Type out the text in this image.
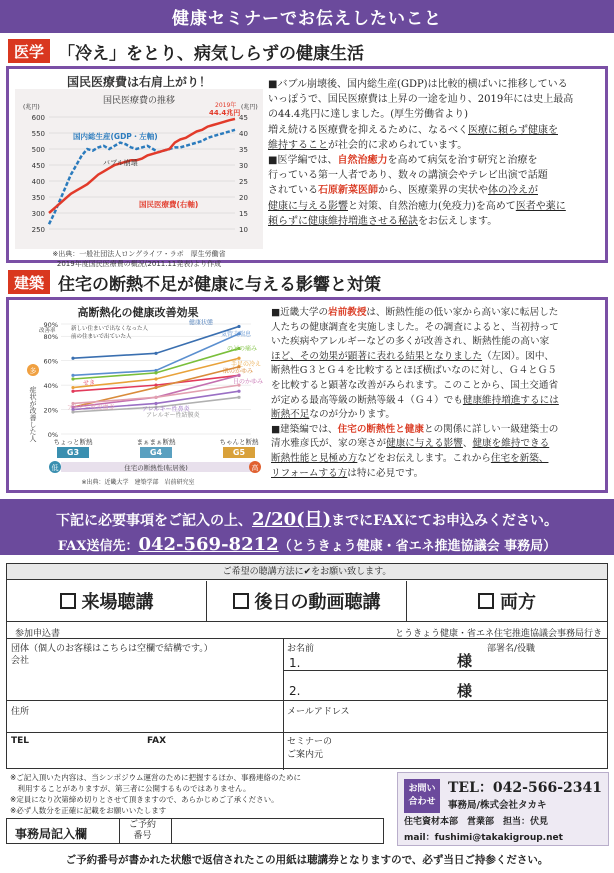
健康セミナーでお伝えしたいこと
医学 「冷え」をとり、病気しらずの健康生活
国民医療費は右肩上がり！
国民医療費の推移
(兆円)	(兆円)
600
550
500
450
400
350
300
250
45
40
35
30
25
20
15
10
国内総生産(GDP・左軸)
国民医療費(右軸)
バブル崩壊
2019年
44.4兆円
※出典：一般社団法人ロングライフ・ラボ　厚生労働省
2019年度国民医療費の概況(2011.11発表)より作成
■バブル崩壊後、国内総生産(GDP)は比較的横ばいに推移している
いっぽうで、国民医療費は上昇の一途を辿り、2019年には史上最高
の44.4兆円に達しました。(厚生労働省より)
増え続ける医療費を抑えるために、なるべく医療に頼らず健康を
維持することが社会的に求められています。
■医学編では、自然治癒力を高めて病気を治す研究と治療を
行っている第一人者であり、数々の講演会やテレビ出演で話題
されている石原新菜医師から、医療業界の実状や体の冷えが
健康に与える影響と対策、自然治癒力(免疫力)を高めて医者や薬に
頼らずに健康維持増進させる秘訣をお伝えします。
建築 住宅の断熱不足が健康に与える影響と対策
高断熱化の健康改善効果
90%
80%
60%
40%
20%
0%
健康状態
気管支喘息
のどの痛み
手足の冷え
せき
肌のかゆみ
目のかゆみ
アトピー性皮膚炎	アレルギー性鼻炎
アレルギー性結膜炎
改善率	新しい住まいで出なくなった人
前の住まいで出ていた人
症状が改善した人
多
ちょっと断熱	まぁまぁ断熱	ちゃんと断熱
G3	G4	G5
住宅の断熱性(転居後)
低	高
※出典：近畿大学　建築学部　岩前研究室
■近畿大学の岩前教授は、断熱性能の低い家から高い家に転居した
人たちの健康調査を実施しました。その調査によると、当初持って
いた疾病やアレルギーなどの多くが改善され、断熱性能の高い家
ほど、その効果が顕著に表れる結果となりました（左図）。図中、
断熱性G３とＧ４を比較するとほぼ横ばいなのに対し、Ｇ４とＧ５
を比較すると顕著な改善がみられます。このことから、国土交通省
が定める最高等級の断熱等級４（Ｇ４）でも健康維持増進するには
断熱不足なのが分かります。
■建築編では、住宅の断熱性と健康との関係に詳しい一級建築士の
清水雅彦氏が、家の寒さが健康に与える影響、健康を維持できる
断熱性能と見極め方などをお伝えします。これから住宅を新築、
リフォームする方は特に必見です。
下記に必要事項をご記入の上、2/20(日)までにFAXにてお申込みください。
FAX送信先：042-569-8212（とうきょう健康・省エネ推進協議会 事務局）
ご希望の聴講方法に✔をお願い致します。
来場聴講	後日の動画聴講	両方
参加申込書	とうきょう健康・省エネ住宅推進協議会事務局行き
団体（個人のお客様はこちらは空欄で結構です。）
会社
お名前	部署名/役職
1.	様
2.	様
住所	メールアドレス
TEL	FAX	セミナーの
ご案内元
※ご記入頂いた内容は、当シンポジウム運営のために把握するほか、事務連絡のために
　利用することがありますが、第三者に公開するものではありません。
※定員になり次第締め切りとさせて頂きますので、あらかじめご了承ください。
※必ず人数分を正確に記載をお願いいたします
事務局記入欄
ご予約
番号
お問い
合わせ
TEL：042-566-2341
事務局/株式会社タカキ
住宅資材本部　営業部　担当：伏見
mail：fushimi@takakigroup.net
ご予約番号が書かれた状態で返信されたこの用紙は聴講券となりますので、必ず当日ご持参ください。
